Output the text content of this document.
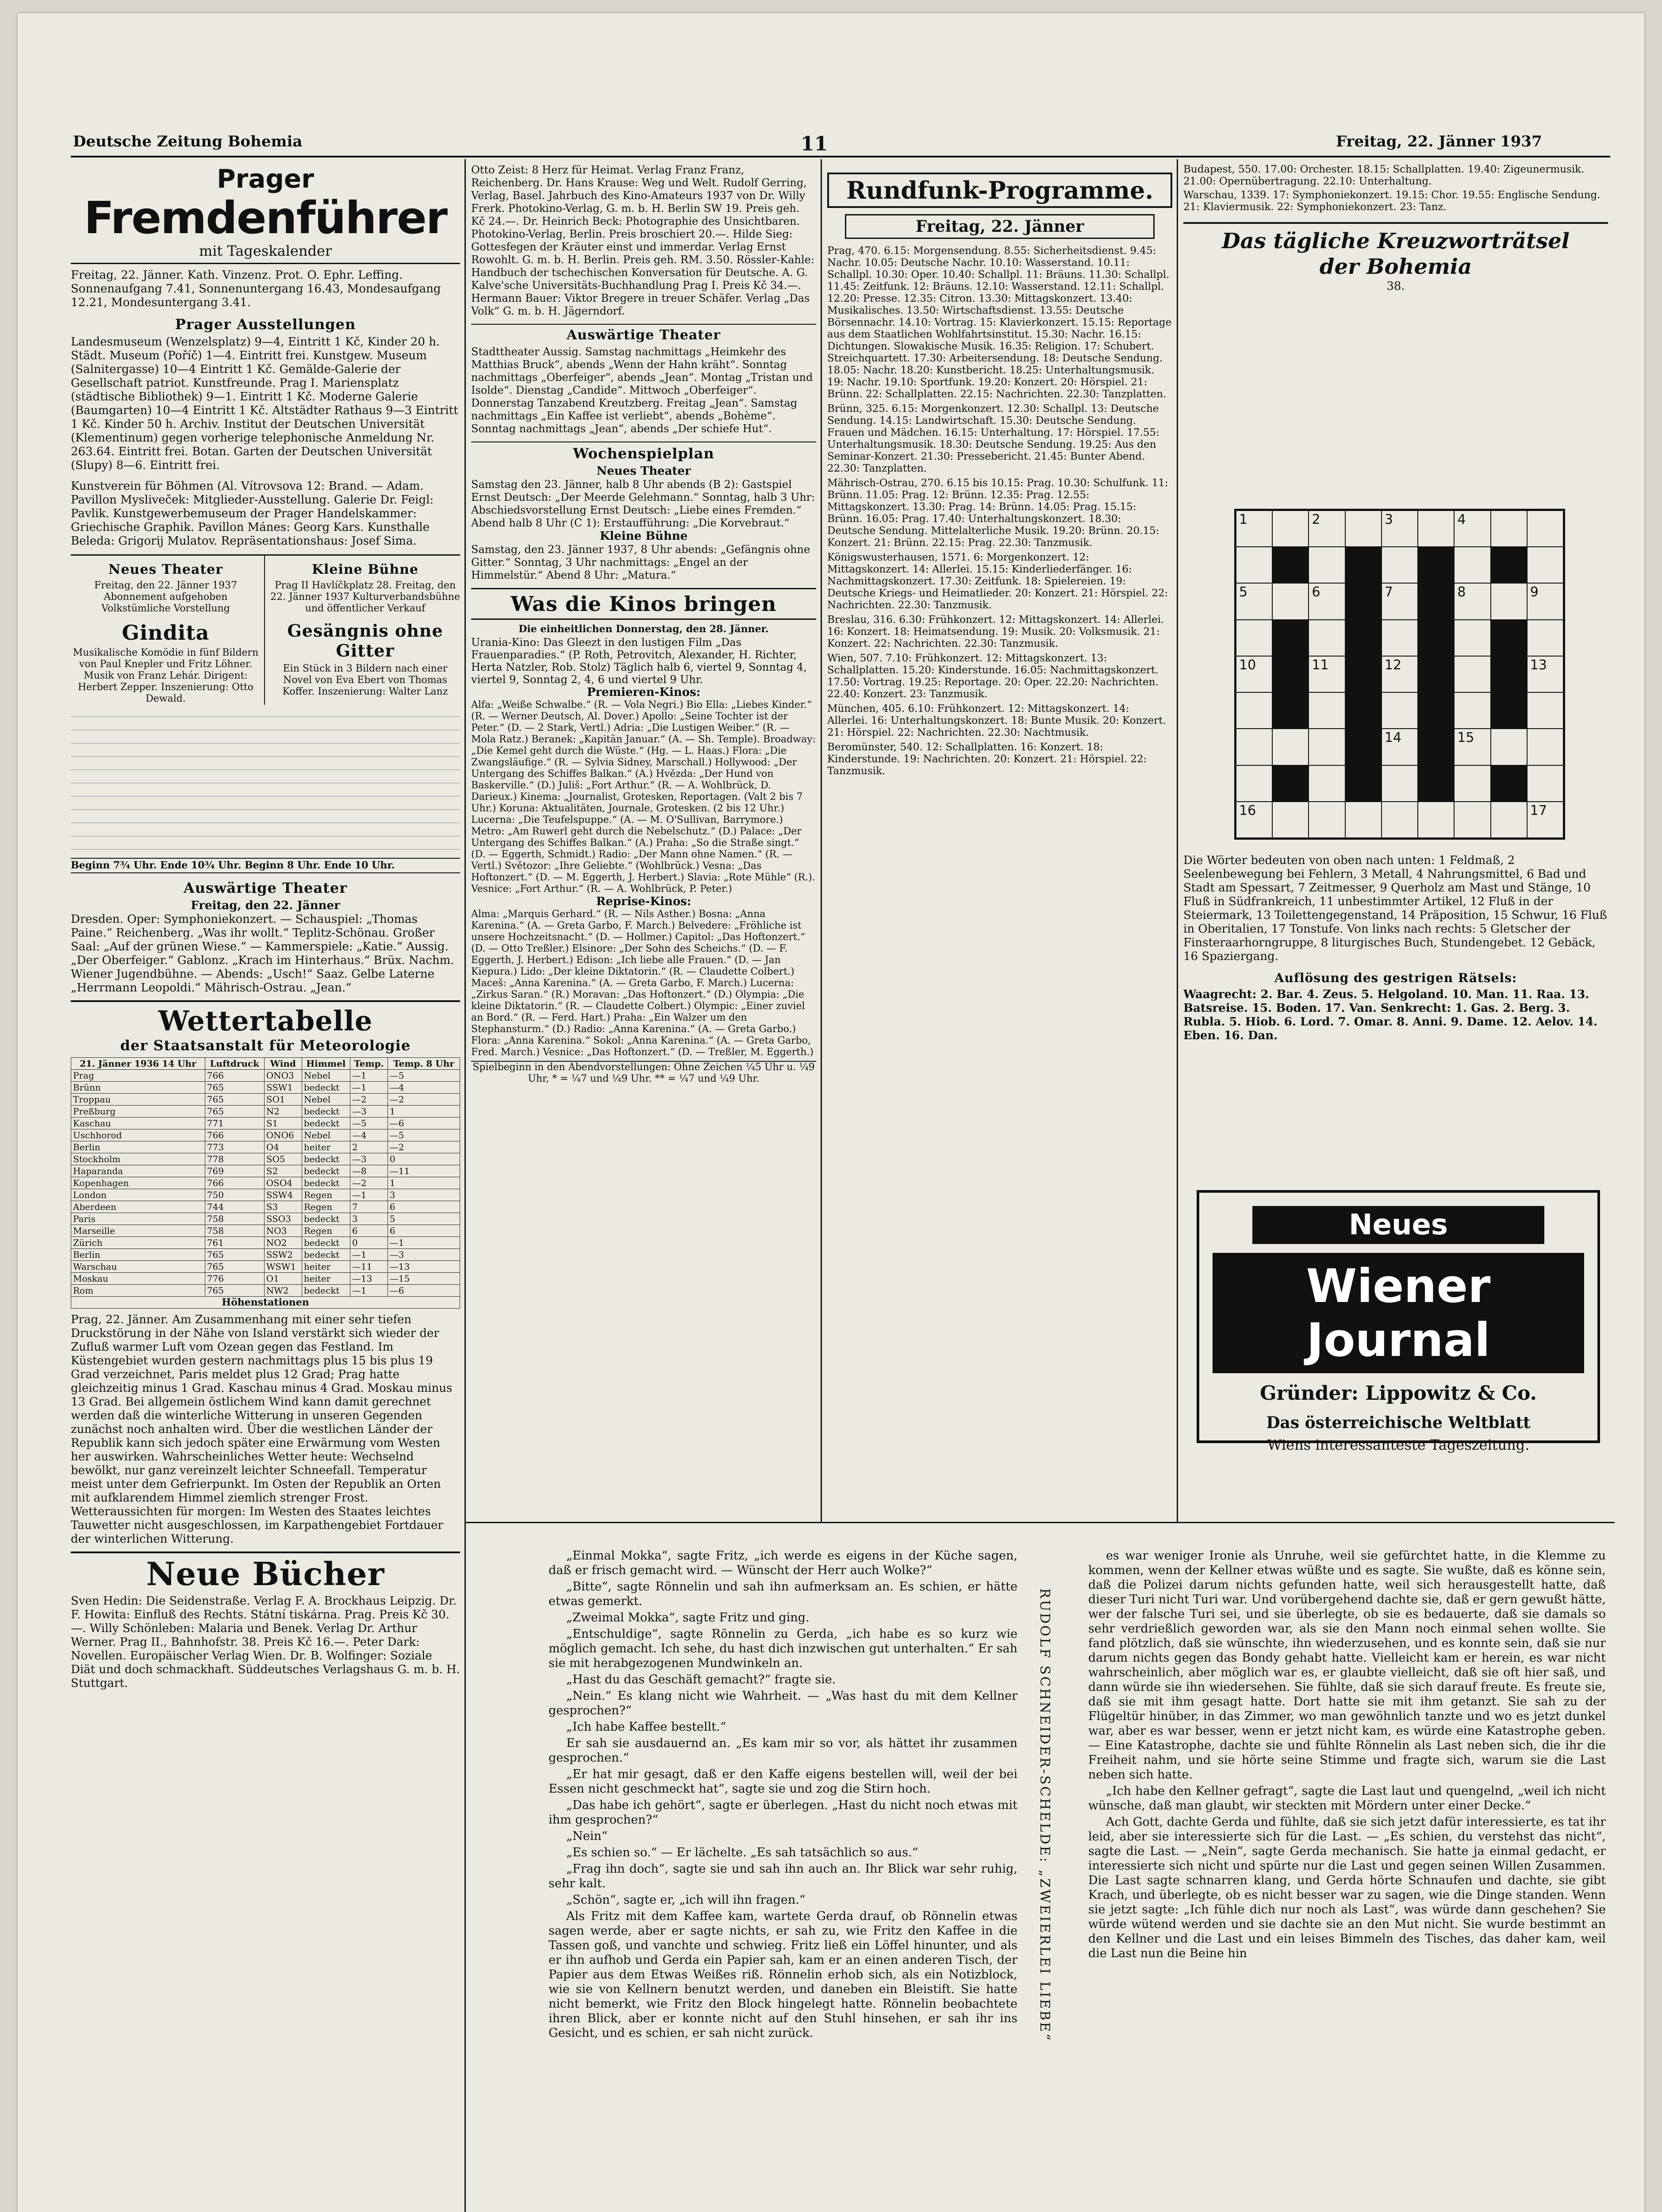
Deutsche Zeitung Bohemia	11	Freitag, 22. Jänner 1937
Prager
Fremdenführer
mit Tageskalender
Freitag, 22. Jänner. Kath. Vinzenz. Prot. O. Ephr. Leffing. Sonnenaufgang 7.41, Sonnenuntergang 16.43, Mondesaufgang 12.21, Mondesuntergang 3.41.
Prager Ausstellungen
Landesmuseum (Wenzelsplatz) 9—4, Eintritt 1 Kč, Kinder 20 h. Städt. Museum (Poříč) 1—4. Eintritt frei. Kunstgew. Museum (Salnitergasse) 10—4 Eintritt 1 Kč. Gemälde-Galerie der Gesellschaft patriot. Kunstfreunde. Prag I. Mariensplatz (städtische Bibliothek) 9—1. Eintritt 1 Kč. Moderne Galerie (Baumgarten) 10—4 Eintritt 1 Kč. Altstädter Rathaus 9—3 Eintritt 1 Kč. Kinder 50 h. Archiv. Institut der Deutschen Universität (Klementinum) gegen vorherige telephonische Anmeldung Nr. 263.64. Eintritt frei. Botan. Garten der Deutschen Universität (Slupy) 8—6. Eintritt frei.
Kunstverein für Böhmen (Al. Vítrovsova 12: Brand. — Adam. Pavillon Mysliveček: Mitglieder-Ausstellung. Galerie Dr. Feigl: Pavlik. Kunstgewerbemuseum der Prager Handelskammer: Griechische Graphik. Pavillon Mánes: Georg Kars. Kunsthalle Beleda: Grigorij Mulatov. Repräsentationshaus: Josef Sima.
Neues Theater
Freitag, den 22. Jänner 1937 Abonnement aufgehoben Volkstümliche Vorstellung
Gindita
Musikalische Komödie in fünf Bildern von Paul Knepler und Fritz Löhner. Musik von Franz Lehár. Dirigent: Herbert Zepper. Inszenierung: Otto Dewald.
Kleine Bühne
Prag II Havlíčkplatz 28. Freitag, den 22. Jänner 1937 Kulturverbandsbühne und öffentlicher Verkauf
Gesängnis ohne Gitter
Ein Stück in 3 Bildern nach einer Novel von Eva Ebert von Thomas Koffer. Inszenierung: Walter Lanz
Beginn 7¾ Uhr. Ende 10¾ Uhr. Beginn 8 Uhr. Ende 10 Uhr.
Auswärtige Theater
Freitag, den 22. Jänner
Dresden. Oper: Symphoniekonzert. — Schauspiel: „Thomas Paine.“ Reichenberg. „Was ihr wollt.“ Teplitz-Schönau. Großer Saal: „Auf der grünen Wiese.“ — Kammerspiele: „Katie.“ Aussig. „Der Oberfeiger.“ Gablonz. „Krach im Hinterhaus.“ Brüx. Nachm. Wiener Jugendbühne. — Abends: „Usch!“ Saaz. Gelbe Laterne „Herrmann Leopoldi.“ Mährisch-Ostrau. „Jean.“
Wettertabelle
der Staatsanstalt für Meteorologie
21. Jänner 1936 14 Uhr	Luftdruck	Wind	Himmel	Temp.	Temp. 8 Uhr
Prag	766	ONO3	Nebel	—1	—5
Brünn	765	SSW1	bedeckt	—1	—4
Troppau	765	SO1	Nebel	—2	—2
Preßburg	765	N2	bedeckt	—3	1
Kaschau	771	S1	bedeckt	—5	—6
Uschhorod	766	ONO6	Nebel	—4	—5
Berlin	773	O4	heiter	2	—2
Stockholm	778	SO5	bedeckt	—3	0
Haparanda	769	S2	bedeckt	—8	—11
Kopenhagen	766	OSO4	bedeckt	—2	1
London	750	SSW4	Regen	—1	3
Aberdeen	744	S3	Regen	7	6
Paris	758	SSO3	bedeckt	3	5
Marseille	758	NO3	Regen	6	6
Zürich	761	NO2	bedeckt	0	—1
Berlin	765	SSW2	bedeckt	—1	—3
Warschau	765	WSW1	heiter	—11	—13
Moskau	776	O1	heiter	—13	—15
Rom	765	NW2	bedeckt	—1	—6
Höhenstationen
Prag, 22. Jänner. Am Zusammenhang mit einer sehr tiefen Druckstörung in der Nähe von Island verstärkt sich wieder der Zufluß warmer Luft vom Ozean gegen das Festland. Im Küstengebiet wurden gestern nachmittags plus 15 bis plus 19 Grad verzeichnet, Paris meldet plus 12 Grad; Prag hatte gleichzeitig minus 1 Grad. Kaschau minus 4 Grad. Moskau minus 13 Grad. Bei allgemein östlichem Wind kann damit gerechnet werden daß die winterliche Witterung in unseren Gegenden zunächst noch anhalten wird. Über die westlichen Länder der Republik kann sich jedoch später eine Erwärmung vom Westen her auswirken. Wahrscheinliches Wetter heute: Wechselnd bewölkt, nur ganz vereinzelt leichter Schneefall. Temperatur meist unter dem Gefrierpunkt. Im Osten der Republik an Orten mit aufklarendem Himmel ziemlich strenger Frost. Wetteraussichten für morgen: Im Westen des Staates leichtes Tauwetter nicht ausgeschlossen, im Karpathengebiet Fortdauer der winterlichen Witterung.
Neue Bücher
Sven Hedin: Die Seidenstraße. Verlag F. A. Brockhaus Leipzig. Dr. F. Howita: Einfluß des Rechts. Státní tiskárna. Prag. Preis Kč 30.—. Willy Schönleben: Malaria und Benek. Verlag Dr. Arthur Werner. Prag II., Bahnhofstr. 38. Preis Kč 16.—. Peter Dark: Novellen. Europäischer Verlag Wien. Dr. B. Wolfinger: Soziale Diät und doch schmackhaft. Süddeutsches Verlagshaus G. m. b. H. Stuttgart.
Otto Zeist: 8 Herz für Heimat. Verlag Franz Franz, Reichenberg. Dr. Hans Krause: Weg und Welt. Rudolf Gerring, Verlag, Basel. Jahrbuch des Kino-Amateurs 1937 von Dr. Willy Frerk. Photokino-Verlag, G. m. b. H. Berlin SW 19. Preis geh. Kč 24.—. Dr. Heinrich Beck: Photographie des Unsichtbaren. Photokino-Verlag, Berlin. Preis broschiert 20.—. Hilde Sieg: Gottesfegen der Kräuter einst und immerdar. Verlag Ernst Rowohlt. G. m. b. H. Berlin. Preis geh. RM. 3.50. Rössler-Kahle: Handbuch der tschechischen Konversation für Deutsche. A. G. Kalve'sche Universitäts-Buchhandlung Prag I. Preis Kč 34.—. Hermann Bauer: Viktor Bregere in treuer Schäfer. Verlag „Das Volk“ G. m. b. H. Jägerndorf.
Auswärtige Theater
Stadttheater Aussig. Samstag nachmittags „Heimkehr des Matthias Bruck“, abends „Wenn der Hahn kräht“. Sonntag nachmittags „Oberfeiger“, abends „Jean“. Montag „Tristan und Isolde“. Dienstag „Candide“. Mittwoch „Oberfeiger“. Donnerstag Tanzabend Kreutzberg. Freitag „Jean“. Samstag nachmittags „Ein Kaffee ist verliebt“, abends „Bohème“. Sonntag nachmittags „Jean“, abends „Der schiefe Hut“.
Wochenspielplan
Neues Theater
Samstag den 23. Jänner, halb 8 Uhr abends (B 2): Gastspiel Ernst Deutsch: „Der Meerde Gelehmann.“ Sonntag, halb 3 Uhr: Abschiedsvorstellung Ernst Deutsch: „Liebe eines Fremden.“ Abend halb 8 Uhr (C 1): Erstaufführung: „Die Korvebraut.“
Kleine Bühne
Samstag, den 23. Jänner 1937, 8 Uhr abends: „Gefängnis ohne Gitter.“ Sonntag, 3 Uhr nachmittags: „Engel an der Himmelstür.“ Abend 8 Uhr: „Matura.“
Was die Kinos bringen
Die einheitlichen Donnerstag, den 28. Jänner.
Urania-Kino: Das Gleezt in den lustigen Film „Das Frauenparadies.“ (P. Roth, Petrovitch, Alexander, H. Richter, Herta Natzler, Rob. Stolz) Täglich halb 6, viertel 9, Sonntag 4, viertel 9, Sonntag 2, 4, 6 und viertel 9 Uhr.
Premieren-Kinos:
Alfa: „Weiße Schwalbe.“ (R. — Vola Negri.) Bio Ella: „Liebes Kinder.“ (R. — Werner Deutsch, Al. Dover.) Apollo: „Seine Tochter ist der Peter.“ (D. — 2 Stark, Vertl.) Adria: „Die Lustigen Weiber.“ (R. — Mola Ratz.) Beranek: „Kapitän Januar.“ (A. — Sh. Temple). Broadway: „Die Kemel geht durch die Wüste.“ (Hg. — L. Haas.) Flora: „Die Zwangsläufige.“ (R. — Sylvia Sidney, Marschall.) Hollywood: „Der Untergang des Schiffes Balkan.“ (A.) Hvězda: „Der Hund von Baskerville.“ (D.) Juliš: „Fort Arthur.“ (R. — A. Wohlbrück, D. Darieux.) Kinema: „Journalist, Grotesken, Reportagen. (Valt 2 bis 7 Uhr.) Koruna: Aktualitäten, Journale, Grotesken. (2 bis 12 Uhr.) Lucerna: „Die Teufelspuppe.“ (A. — M. O'Sullivan, Barrymore.) Metro: „Am Ruwerl geht durch die Nebelschutz.“ (D.) Palace: „Der Untergang des Schiffes Balkan.“ (A.) Praha: „So die Straße singt.“ (D. — Eggerth, Schmidt.) Radio: „Der Mann ohne Namen.“ (R. — Vertl.) Světozor: „Ihre Geliebte.“ (Wohlbrück.) Vesna: „Das Hoftonzert.“ (D. — M. Eggerth, J. Herbert.) Slavia: „Rote Mühle“ (R.). Vesnice: „Fort Arthur.“ (R. — A. Wohlbrück, P. Peter.)
Reprise-Kinos:
Alma: „Marquis Gerhard.“ (R. — Nils Asther.) Bosna: „Anna Karenina.“ (A. — Greta Garbo, F. March.) Belvedere: „Fröhliche ist unsere Hochzeitsnacht.“ (D. — Hollmer.) Capitol: „Das Hoftonzert.“ (D. — Otto Treßler.) Elsinore: „Der Sohn des Scheichs.“ (D. — F. Eggerth, J. Herbert.) Edison: „Ich liebe alle Frauen.“ (D. — Jan Kiepura.) Lido: „Der kleine Diktatorin.“ (R. — Claudette Colbert.) Maceš: „Anna Karenina.“ (A. — Greta Garbo, F. March.) Lucerna: „Zirkus Saran.“ (R.) Moravan: „Das Hoftonzert.“ (D.) Olympia: „Die kleine Diktatorin.“ (R. — Claudette Colbert.) Olympic: „Einer zuviel an Bord.“ (R. — Ferd. Hart.) Praha: „Ein Walzer um den Stephansturm.“ (D.) Radio: „Anna Karenina.“ (A. — Greta Garbo.) Flora: „Anna Karenina.“ Sokol: „Anna Karenina.“ (A. — Greta Garbo, Fred. March.) Vesnice: „Das Hoftonzert.“ (D. — Treßler, M. Eggerth.)
Spielbeginn in den Abendvorstellungen: Ohne Zeichen ¼5 Uhr u. ¼9 Uhr, * = ¼7 und ¼9 Uhr. ** = ¼7 und ¼9 Uhr.
Rundfunk-Programme.
Freitag, 22. Jänner
Prag, 470. 6.15: Morgensendung. 8.55: Sicherheitsdienst. 9.45: Nachr. 10.05: Deutsche Nachr. 10.10: Wasserstand. 10.11: Schallpl. 10.30: Oper. 10.40: Schallpl. 11: Bräuns. 11.30: Schallpl. 11.45: Zeitfunk. 12: Bräuns. 12.10: Wasserstand. 12.11: Schallpl. 12.20: Presse. 12.35: Citron. 13.30: Mittagskonzert. 13.40: Musikalisches. 13.50: Wirtschaftsdienst. 13.55: Deutsche Börsennachr. 14.10: Vortrag. 15: Klavierkonzert. 15.15: Reportage aus dem Staatlichen Wohlfahrtsinstitut. 15.30: Nachr. 16.15: Dichtungen. Slowakische Musik. 16.35: Religion. 17: Schubert. Streichquartett. 17.30: Arbeitersendung. 18: Deutsche Sendung. 18.05: Nachr. 18.20: Kunstbericht. 18.25: Unterhaltungsmusik. 19: Nachr. 19.10: Sportfunk. 19.20: Konzert. 20: Hörspiel. 21: Brünn. 22: Schallplatten. 22.15: Nachrichten. 22.30: Tanzplatten.
Brünn, 325. 6.15: Morgenkonzert. 12.30: Schallpl. 13: Deutsche Sendung. 14.15: Landwirtschaft. 15.30: Deutsche Sendung. Frauen und Mädchen. 16.15: Unterhaltung. 17: Hörspiel. 17.55: Unterhaltungsmusik. 18.30: Deutsche Sendung. 19.25: Aus den Seminar-Konzert. 21.30: Pressebericht. 21.45: Bunter Abend. 22.30: Tanzplatten.
Mährisch-Ostrau, 270. 6.15 bis 10.15: Prag. 10.30: Schulfunk. 11: Brünn. 11.05: Prag. 12: Brünn. 12.35: Prag. 12.55: Mittagskonzert. 13.30: Prag. 14: Brünn. 14.05: Prag. 15.15: Brünn. 16.05: Prag. 17.40: Unterhaltungskonzert. 18.30: Deutsche Sendung. Mittelalterliche Musik. 19.20: Brünn. 20.15: Konzert. 21: Brünn. 22.15: Prag. 22.30: Tanzmusik.
Königswusterhausen, 1571. 6: Morgenkonzert. 12: Mittagskonzert. 14: Allerlei. 15.15: Kinderliederfänger. 16: Nachmittagskonzert. 17.30: Zeitfunk. 18: Spielereien. 19: Deutsche Kriegs- und Heimatlieder. 20: Konzert. 21: Hörspiel. 22: Nachrichten. 22.30: Tanzmusik.
Breslau, 316. 6.30: Frühkonzert. 12: Mittagskonzert. 14: Allerlei. 16: Konzert. 18: Heimatsendung. 19: Musik. 20: Volksmusik. 21: Konzert. 22: Nachrichten. 22.30: Tanzmusik.
Wien, 507. 7.10: Frühkonzert. 12: Mittagskonzert. 13: Schallplatten. 15.20: Kinderstunde. 16.05: Nachmittagskonzert. 17.50: Vortrag. 19.25: Reportage. 20: Oper. 22.20: Nachrichten. 22.40: Konzert. 23: Tanzmusik.
München, 405. 6.10: Frühkonzert. 12: Mittagskonzert. 14: Allerlei. 16: Unterhaltungskonzert. 18: Bunte Musik. 20: Konzert. 21: Hörspiel. 22: Nachrichten. 22.30: Nachtmusik.
Beromünster, 540. 12: Schallplatten. 16: Konzert. 18: Kinderstunde. 19: Nachrichten. 20: Konzert. 21: Hörspiel. 22: Tanzmusik.
Budapest, 550. 17.00: Orchester. 18.15: Schallplatten. 19.40: Zigeunermusik. 21.00: Opernübertragung. 22.10: Unterhaltung.
Warschau, 1339. 17: Symphoniekonzert. 19.15: Chor. 19.55: Englische Sendung. 21: Klaviermusik. 22: Symphoniekonzert. 23: Tanz.
Das tägliche Kreuzworträtsel der Bohemia
38.
1	2	3	4
5	6	7	8	9
10	11	12	13
14	15
16	17
Die Wörter bedeuten von oben nach unten: 1 Feldmaß, 2 Seelenbewegung bei Fehlern, 3 Metall, 4 Nahrungsmittel, 6 Bad und Stadt am Spessart, 7 Zeitmesser, 9 Querholz am Mast und Stänge, 10 Fluß in Südfrankreich, 11 unbestimmter Artikel, 12 Fluß in der Steiermark, 13 Toilettengegenstand, 14 Präposition, 15 Schwur, 16 Fluß in Oberitalien, 17 Tonstufe. Von links nach rechts: 5 Gletscher der Finsteraarhorngruppe, 8 liturgisches Buch, Stundengebet. 12 Gebäck, 16 Spaziergang.
Auflösung des gestrigen Rätsels:
Waagrecht: 2. Bar. 4. Zeus. 5. Helgoland. 10. Man. 11. Raa. 13. Batsreise. 15. Boden. 17. Van. Senkrecht: 1. Gas. 2. Berg. 3. Rubla. 5. Hiob. 6. Lord. 7. Omar. 8. Anni. 9. Dame. 12. Aelov. 14. Eben. 16. Dan.
Neues
Wiener Journal
Gründer: Lippowitz & Co.
Das österreichische Weltblatt
Wiens interessanteste Tageszeitung.

„Einmal Mokka“, sagte Fritz, „ich werde es eigens in der Küche sagen, daß er frisch gemacht wird. — Wünscht der Herr auch Wolke?“

„Bitte“, sagte Rönnelin und sah ihn aufmerksam an. Es schien, er hätte etwas gemerkt.

„Zweimal Mokka“, sagte Fritz und ging.

„Entschuldige“, sagte Rönnelin zu Gerda, „ich habe es so kurz wie möglich gemacht. Ich sehe, du hast dich inzwischen gut unterhalten.“ Er sah sie mit herabgezogenen Mundwinkeln an.

„Hast du das Geschäft gemacht?“ fragte sie.

„Nein.“ Es klang nicht wie Wahrheit. — „Was hast du mit dem Kellner gesprochen?“

„Ich habe Kaffee bestellt.“

Er sah sie ausdauernd an. „Es kam mir so vor, als hättet ihr zusammen gesprochen.“

„Er hat mir gesagt, daß er den Kaffe eigens bestellen will, weil der bei Essen nicht geschmeckt hat“, sagte sie und zog die Stirn hoch.

„Das habe ich gehört“, sagte er überlegen. „Hast du nicht noch etwas mit ihm gesprochen?“

„Nein“

„Es schien so.“ — Er lächelte. „Es sah tatsächlich so aus.“

„Frag ihn doch“, sagte sie und sah ihn auch an. Ihr Blick war sehr ruhig, sehr kalt.

„Schön“, sagte er, „ich will ihn fragen.“

Als Fritz mit dem Kaffee kam, wartete Gerda drauf, ob Rönnelin etwas sagen werde, aber er sagte nichts, er sah zu, wie Fritz den Kaffee in die Tassen goß, und vanchte und schwieg. Fritz ließ ein Löffel hinunter, und als er ihn aufhob und Gerda ein Papier sah, kam er an einen anderen Tisch, der Papier aus dem Etwas Weißes riß. Rönnelin erhob sich, als ein Notizblock, wie sie von Kellnern benutzt werden, und daneben ein Bleistift. Sie hatte nicht bemerkt, wie Fritz den Block hingelegt hatte. Rönnelin beobachtete ihren Blick, aber er konnte nicht auf den Stuhl hinsehen, er sah ihr ins Gesicht, und es schien, er sah nicht zurück.	RUDOLF SCHNEIDER-SCHELDE: „ZWEIERLEI LIEBE“

es war weniger Ironie als Unruhe, weil sie gefürchtet hatte, in die Klemme zu kommen, wenn der Kellner etwas wüßte und es sagte. Sie wußte, daß es könne sein, daß die Polizei darum nichts gefunden hatte, weil sich herausgestellt hatte, daß dieser Turi nicht Turi war. Und vorübergehend dachte sie, daß er gern gewußt hätte, wer der falsche Turi sei, und sie überlegte, ob sie es bedauerte, daß sie damals so sehr verdrießlich geworden war, als sie den Mann noch einmal sehen wollte. Sie fand plötzlich, daß sie wünschte, ihn wiederzusehen, und es konnte sein, daß sie nur darum nichts gegen das Bondy gehabt hatte. Vielleicht kam er herein, es war nicht wahrscheinlich, aber möglich war es, er glaubte vielleicht, daß sie oft hier saß, und dann würde sie ihn wiedersehen. Sie fühlte, daß sie sich darauf freute. Es freute sie, daß sie mit ihm gesagt hatte. Dort hatte sie mit ihm getanzt. Sie sah zu der Flügeltür hinüber, in das Zimmer, wo man gewöhnlich tanzte und wo es jetzt dunkel war, aber es war besser, wenn er jetzt nicht kam, es würde eine Katastrophe geben. — Eine Katastrophe, dachte sie und fühlte Rönnelin als Last neben sich, die ihr die Freiheit nahm, und sie hörte seine Stimme und fragte sich, warum sie die Last neben sich hatte.

„Ich habe den Kellner gefragt“, sagte die Last laut und quengelnd, „weil ich nicht wünsche, daß man glaubt, wir steckten mit Mördern unter einer Decke.“

Ach Gott, dachte Gerda und fühlte, daß sie sich jetzt dafür interessierte, es tat ihr leid, aber sie interessierte sich für die Last. — „Es schien, du verstehst das nicht“, sagte die Last. — „Nein“, sagte Gerda mechanisch. Sie hatte ja einmal gedacht, er interessierte sich nicht und spürte nur die Last und gegen seinen Willen Zusammen. Die Last sagte schnarren klang, und Gerda hörte Schnaufen und dachte, sie gibt Krach, und überlegte, ob es nicht besser war zu sagen, wie die Dinge standen. Wenn sie jetzt sagte: „Ich fühle dich nur noch als Last“, was würde dann geschehen? Sie würde wütend werden und sie dachte sie an den Mut nicht. Sie wurde bestimmt an den Kellner und die Last und ein leises Bimmeln des Tisches, das daher kam, weil die Last nun die Beine hin
